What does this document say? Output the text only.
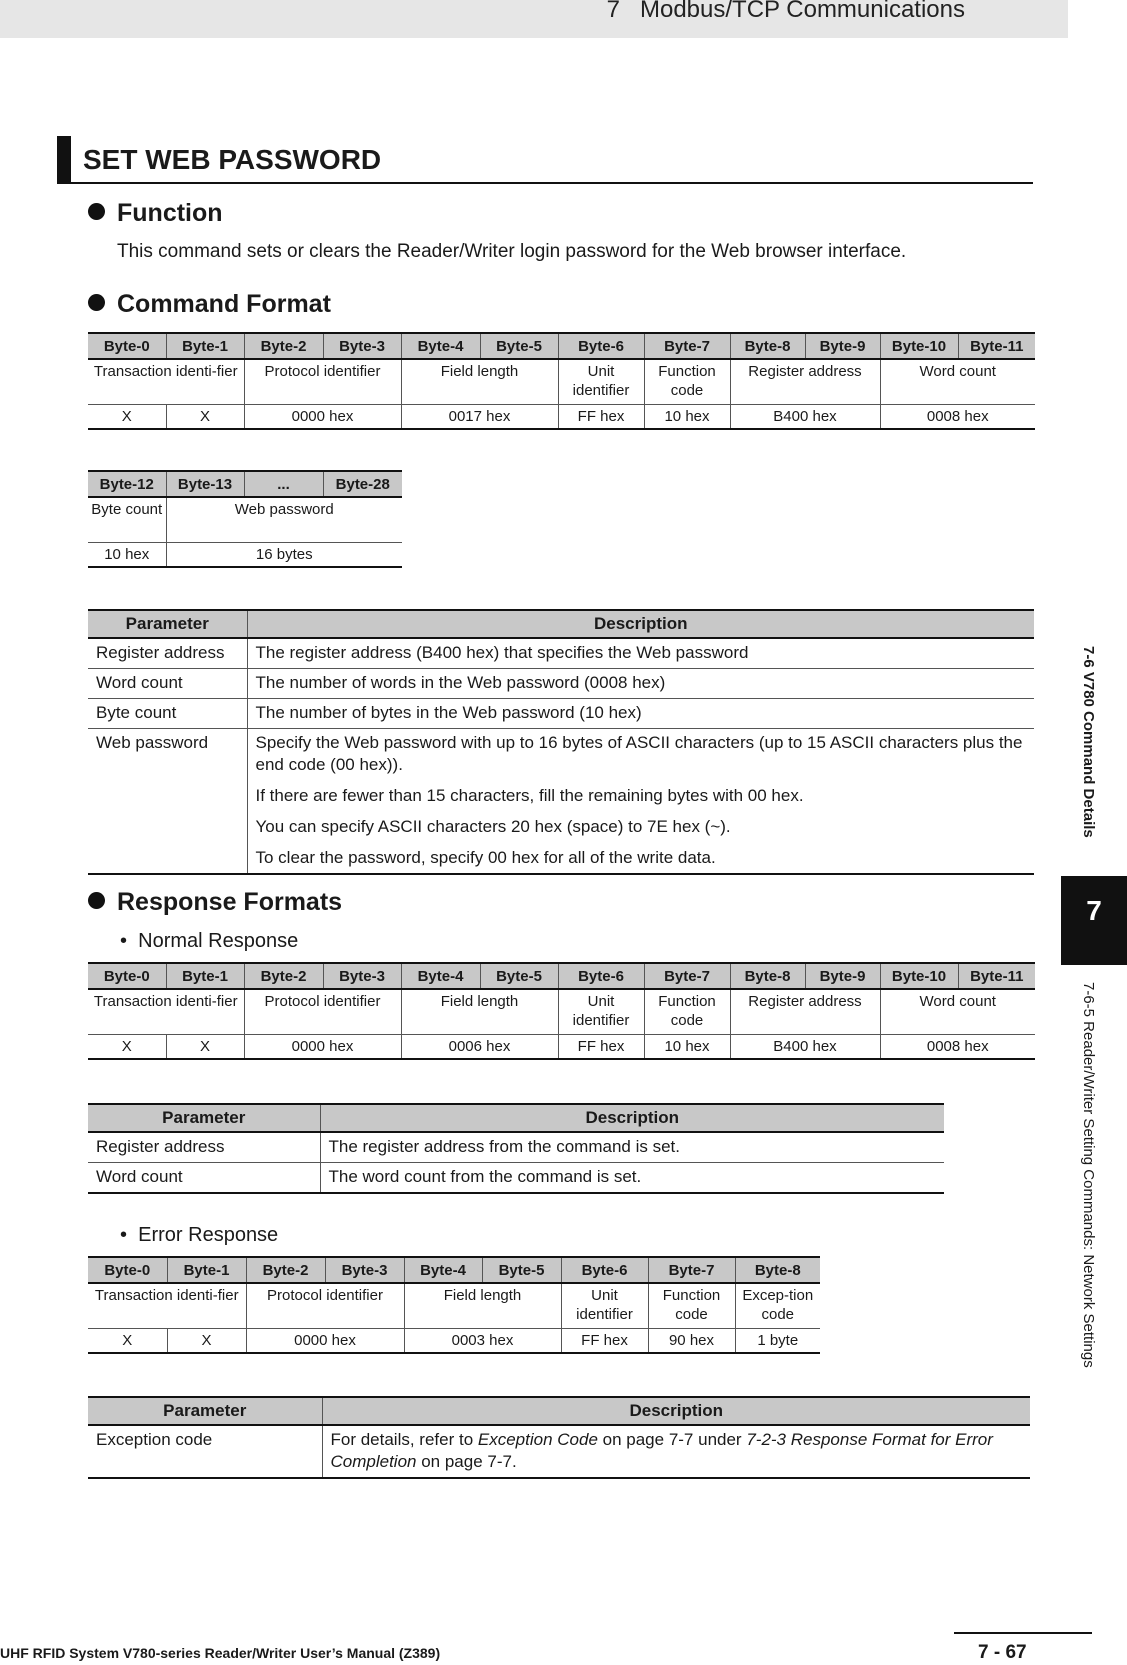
7   Modbus/TCP Communications
SET WEB PASSWORD
Function
This command sets or clears the Reader/Writer login password for the Web browser interface.
Command Format
Byte-0	Byte-1	Byte-2	Byte-3	Byte-4	Byte-5	Byte-6	Byte-7	Byte-8	Byte-9	Byte-10	Byte-11
Transaction identi-fier		Protocol identifier		Field length		Unit identifier	Function code	Register address		Word count	
X	X	0000 hex		0017 hex		FF hex	10 hex	B400 hex		0008 hex	
Byte-12	Byte-13	...	Byte-28
Byte count	Web password		
10 hex	16 bytes		
Parameter	Description
Register address	The register address (B400 hex) that specifies the Web password
Word count	The number of words in the Web password (0008 hex)
Byte count	The number of bytes in the Web password (10 hex)
Web password	Specify the Web password with up to 16 bytes of ASCII characters (up to 15 ASCII characters plus the end code (00 hex)).

If there are fewer than 15 characters, fill the remaining bytes with 00 hex.

You can specify ASCII characters 20 hex (space) to 7E hex (~).

To clear the password, specify 00 hex for all of the write data.

Response Formats
•  Normal Response
Byte-0	Byte-1	Byte-2	Byte-3	Byte-4	Byte-5	Byte-6	Byte-7	Byte-8	Byte-9	Byte-10	Byte-11
Transaction identi-fier		Protocol identifier		Field length		Unit identifier	Function code	Register address		Word count	
X	X	0000 hex		0006 hex		FF hex	10 hex	B400 hex		0008 hex	
Parameter	Description
Register address	The register address from the command is set.
Word count	The word count from the command is set.
•  Error Response
Byte-0	Byte-1	Byte-2	Byte-3	Byte-4	Byte-5	Byte-6	Byte-7	Byte-8
Transaction identi-fier		Protocol identifier		Field length		Unit identifier	Function code	Excep-tion code
X	X	0000 hex		0003 hex		FF hex	90 hex	1 byte
Parameter	Description
Exception code	For details, refer to Exception Code on page 7-7 under 7-2-3 Response Format for Error Completion on page 7-7.
7-6 V780 Command Details
7
7-6-5 Reader/Writer Setting Commands: Network Settings
UHF RFID System V780-series Reader/Writer User’s Manual (Z389)	7 - 67
